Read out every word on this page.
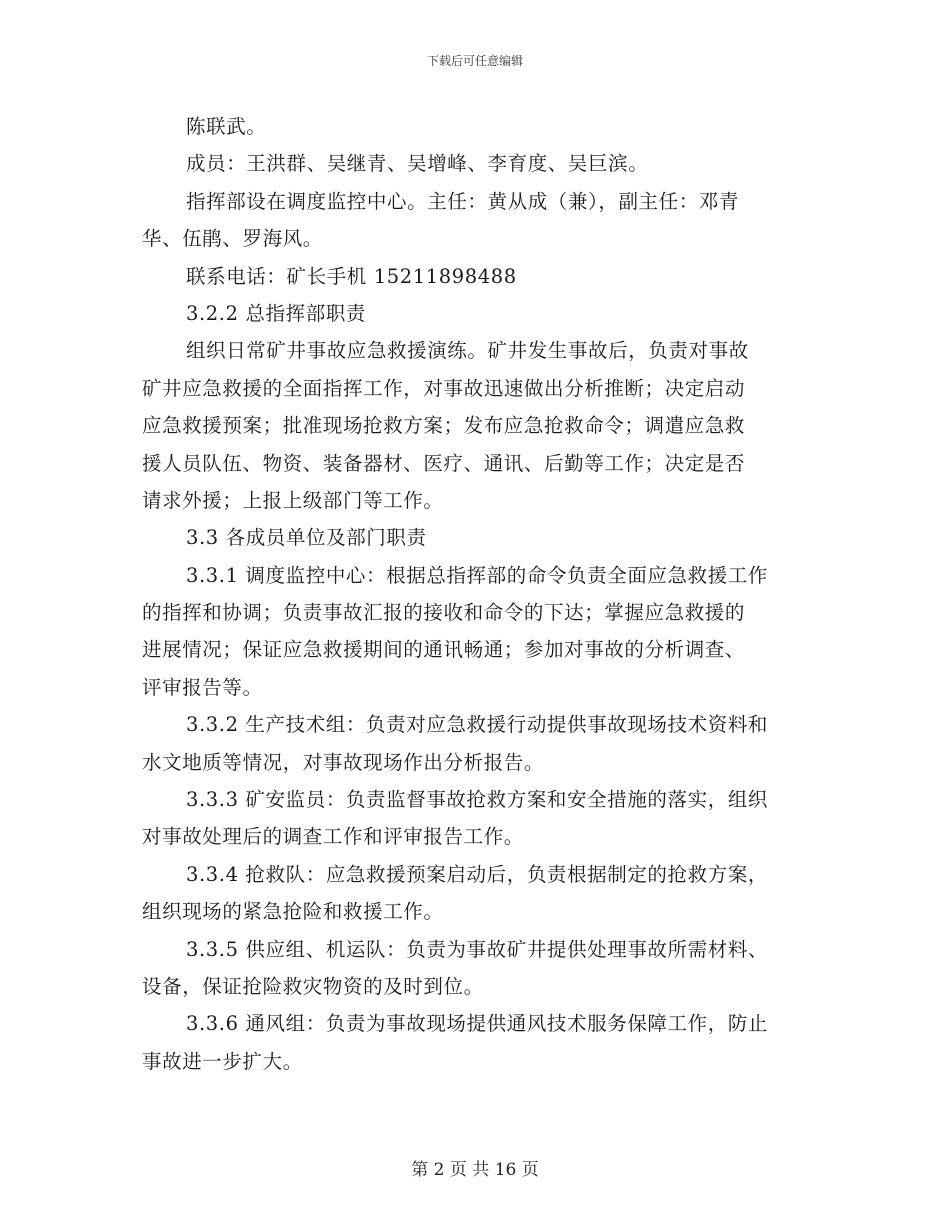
下载后可任意编辑
陈联武。
成员：王洪群、吴继青、吴增峰、李育度、吴巨滨。
指挥部设在调度监控中心。主任：黄从成（兼），副主任：邓青
华、伍鹃、罗海风。
联系电话：矿长手机 15211898488
3.2.2 总指挥部职责
组织日常矿井事故应急救援演练。矿井发生事故后，负责对事故
矿井应急救援的全面指挥工作，对事故迅速做出分析推断；决定启动
应急救援预案；批准现场抢救方案；发布应急抢救命令；调遣应急救
援人员队伍、物资、装备器材、医疗、通讯、后勤等工作；决定是否
请求外援；上报上级部门等工作。
3.3 各成员单位及部门职责
3.3.1 调度监控中心：根据总指挥部的命令负责全面应急救援工作
的指挥和协调；负责事故汇报的接收和命令的下达；掌握应急救援的
进展情况；保证应急救援期间的通讯畅通；参加对事故的分析调查、
评审报告等。
3.3.2 生产技术组：负责对应急救援行动提供事故现场技术资料和
水文地质等情况，对事故现场作出分析报告。
3.3.3 矿安监员：负责监督事故抢救方案和安全措施的落实，组织
对事故处理后的调查工作和评审报告工作。
3.3.4 抢救队：应急救援预案启动后，负责根据制定的抢救方案，
组织现场的紧急抢险和救援工作。
3.3.5 供应组、机运队：负责为事故矿井提供处理事故所需材料、
设备，保证抢险救灾物资的及时到位。
3.3.6 通风组：负责为事故现场提供通风技术服务保障工作，防止
事故进一步扩大。
第 2 页 共 16 页
